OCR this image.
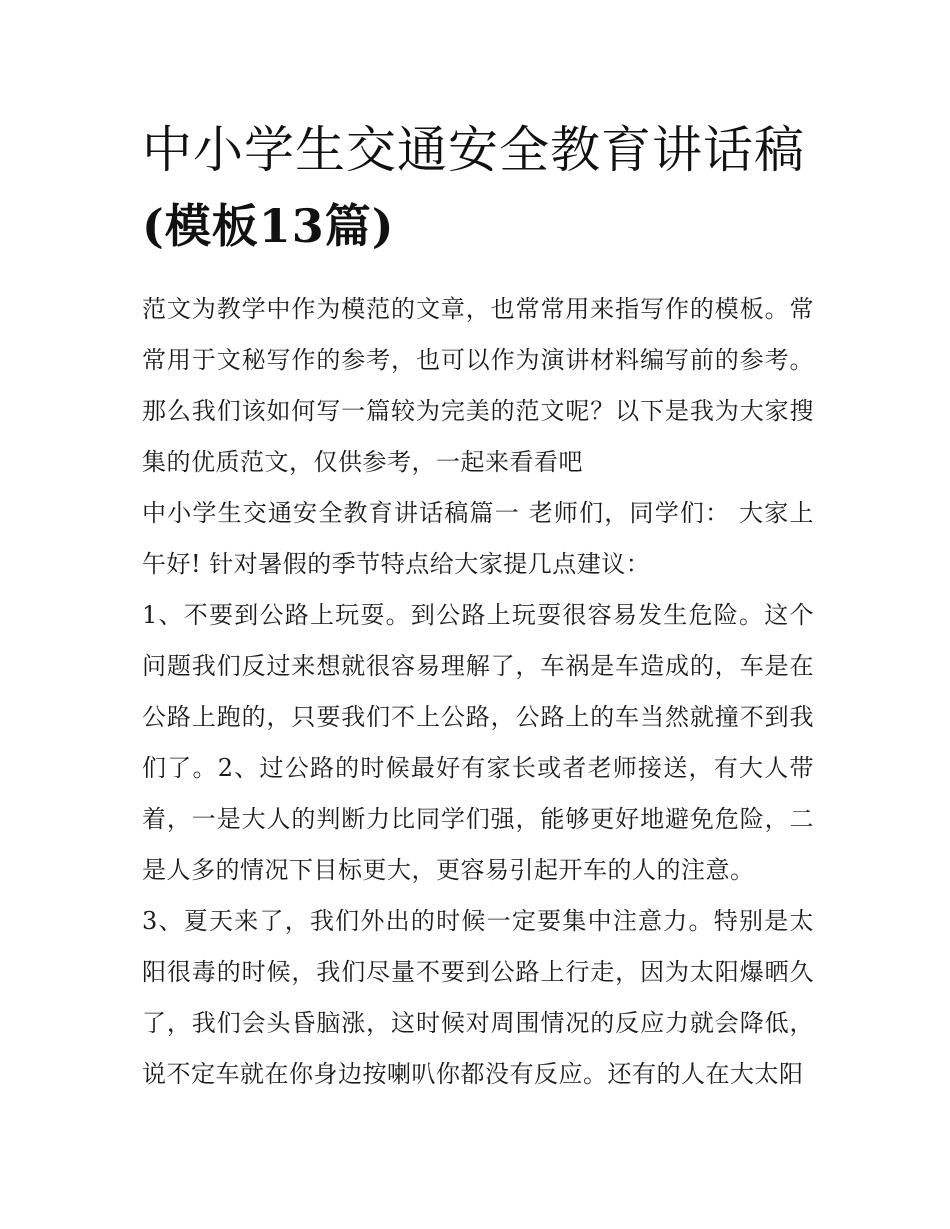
中小学生交通安全教育讲话稿
(模板13篇)

范文为教学中作为模范的文章，也常常用来指写作的模板。常常用于文秘写作的参考，也可以作为演讲材料编写前的参考。那么我们该如何写一篇较为完美的范文呢？以下是我为大家搜集的优质范文，仅供参考，一起来看看吧

中小学生交通安全教育讲话稿篇一 老师们，同学们： 大家上午好! 针对暑假的季节特点给大家提几点建议：

1、不要到公路上玩耍。到公路上玩耍很容易发生危险。这个问题我们反过来想就很容易理解了，车祸是车造成的，车是在公路上跑的，只要我们不上公路，公路上的车当然就撞不到我们了。2、过公路的时候最好有家长或者老师接送，有大人带着，一是大人的判断力比同学们强，能够更好地避免危险，二是人多的情况下目标更大，更容易引起开车的人的注意。

3、夏天来了，我们外出的时候一定要集中注意力。特别是太阳很毒的时候，我们尽量不要到公路上行走，因为太阳爆晒久了，我们会头昏脑涨，这时候对周围情况的反应力就会降低，说不定车就在你身边按喇叭你都没有反应。还有的人在大太阳
